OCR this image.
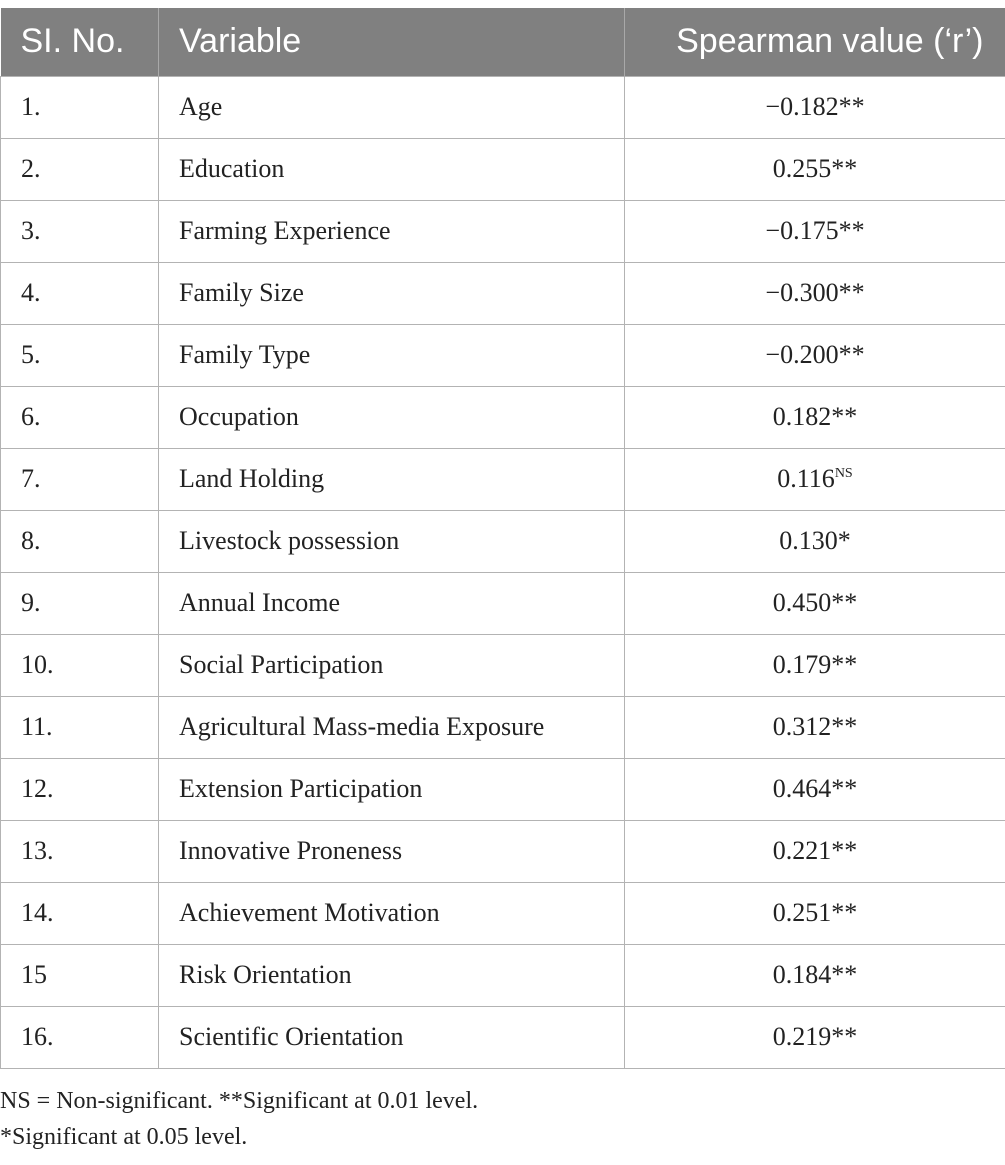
SI. No.	Variable	Spearman value (‘r’)
1.	Age	−0.182**
2.	Education	0.255**
3.	Farming Experience	−0.175**
4.	Family Size	−0.300**
5.	Family Type	−0.200**
6.	Occupation	0.182**
7.	Land Holding	$0.116^{NS}$
8.	Livestock possession	0.130*
9.	Annual Income	0.450**
10.	Social Participation	0.179**
11.	Agricultural Mass-media Exposure	0.312**
12.	Extension Participation	0.464**
13.	Innovative Proneness	0.221**
14.	Achievement Motivation	0.251**
15	Risk Orientation	0.184**
16.	Scientific Orientation	0.219**

NS = Non-significant. **Significant at 0.01 level.

*Significant at 0.05 level.
